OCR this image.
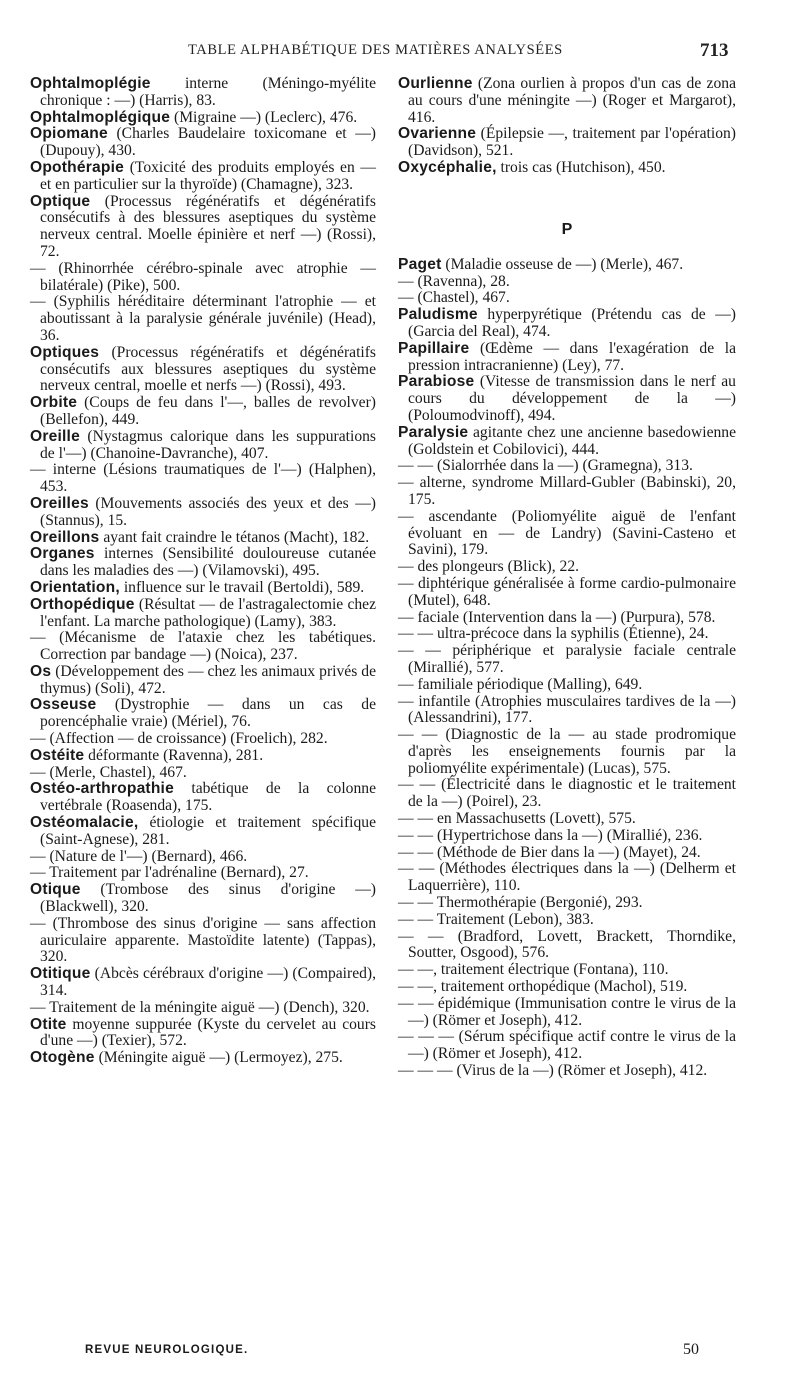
TABLE ALPHABÉTIQUE DES MATIÈRES ANALYSÉES	713

Ophtalmoplégie interne (Méningo-myélite chronique : —) (Harris), 83.

Ophtalmoplégique (Migraine —) (Leclerc), 476.

Opiomane (Charles Baudelaire toxicomane et —) (Dupouy), 430.

Opothérapie (Toxicité des produits employés en — et en particulier sur la thyroïde) (Chamagne), 323.

Optique (Processus régénératifs et dégénératifs consécutifs à des blessures aseptiques du système nerveux central. Moelle épinière et nerf —) (Rossi), 72.

— (Rhinorrhée cérébro-spinale avec atrophie — bilatérale) (Pike), 500.

— (Syphilis héréditaire déterminant l'atrophie — et aboutissant à la paralysie générale juvénile) (Head), 36.

Optiques (Processus régénératifs et dégénératifs consécutifs aux blessures aseptiques du système nerveux central, moelle et nerfs —) (Rossi), 493.

Orbite (Coups de feu dans l'—, balles de revolver) (Bellefon), 449.

Oreille (Nystagmus calorique dans les suppurations de l'—) (Chanoine-Davranche), 407.

— interne (Lésions traumatiques de l'—) (Halphen), 453.

Oreilles (Mouvements associés des yeux et des —) (Stannus), 15.

Oreillons ayant fait craindre le tétanos (Macht), 182.

Organes internes (Sensibilité douloureuse cutanée dans les maladies des —) (Vilamovski), 495.

Orientation, influence sur le travail (Bertoldi), 589.

Orthopédique (Résultat — de l'astragalectomie chez l'enfant. La marche pathologique) (Lamy), 383.

— (Mécanisme de l'ataxie chez les tabétiques. Correction par bandage —) (Noica), 237.

Os (Développement des — chez les animaux privés de thymus) (Soli), 472.

Osseuse (Dystrophie — dans un cas de porencéphalie vraie) (Mériel), 76.

— (Affection — de croissance) (Froelich), 282.

Ostéite déformante (Ravenna), 281.

— (Merle, Chastel), 467.

Ostéo-arthropathie tabétique de la colonne vertébrale (Roasenda), 175.

Ostéomalacie, étiologie et traitement spécifique (Saint-Agnese), 281.

— (Nature de l'—) (Bernard), 466.

— Traitement par l'adrénaline (Bernard), 27.

Otique (Trombose des sinus d'origine —) (Blackwell), 320.

— (Thrombose des sinus d'origine — sans affection auriculaire apparente. Mastoïdite latente) (Tappas), 320.

Otitique (Abcès cérébraux d'origine —) (Compaired), 314.

— Traitement de la méningite aiguë —) (Dench), 320.

Otite moyenne suppurée (Kyste du cervelet au cours d'une —) (Texier), 572.

Otogène (Méningite aiguë —) (Lermoyez), 275.

Ourlienne (Zona ourlien à propos d'un cas de zona au cours d'une méningite —) (Roger et Margarot), 416.

Ovarienne (Épilepsie —, traitement par l'opération) (Davidson), 521.

Oxycéphalie, trois cas (Hutchison), 450.

P

Paget (Maladie osseuse de —) (Merle), 467.

— (Ravenna), 28.

— (Chastel), 467.

Paludisme hyperpyrétique (Prétendu cas de —) (Garcia del Real), 474.

Papillaire (Œdème — dans l'exagération de la pression intracranienne) (Ley), 77.

Parabiose (Vitesse de transmission dans le nerf au cours du développement de la —) (Poloumodvinoff), 494.

Paralysie agitante chez une ancienne basedowienne (Goldstein et Cobilovici), 444.

— — (Sialorrhée dans la —) (Gramegna), 313.

— alterne, syndrome Millard-Gubler (Babinski), 20, 175.

— ascendante (Poliomyélite aiguë de l'enfant évoluant en — de Landry) (Savini-Castено et Savini), 179.

— des plongeurs (Blick), 22.

— diphtérique généralisée à forme cardio-pulmonaire (Mutel), 648.

— faciale (Intervention dans la —) (Purpura), 578.

— — ultra-précoce dans la syphilis (Étienne), 24.

— — périphérique et paralysie faciale centrale (Mirallié), 577.

— familiale périodique (Malling), 649.

— infantile (Atrophies musculaires tardives de la —) (Alessandrini), 177.

— — (Diagnostic de la — au stade prodromique d'après les enseignements fournis par la poliomyélite expérimentale) (Lucas), 575.

— — (Électricité dans le diagnostic et le traitement de la —) (Poirel), 23.

— — en Massachusetts (Lovett), 575.

— — (Hypertrichose dans la —) (Mirallié), 236.

— — (Méthode de Bier dans la —) (Mayet), 24.

— — (Méthodes électriques dans la —) (Delherm et Laquerrière), 110.

— — Thermothérapie (Bergonié), 293.

— — Traitement (Lebon), 383.

— — (Bradford, Lovett, Brackett, Thorndike, Soutter, Osgood), 576.

— —, traitement électrique (Fontana), 110.

— —, traitement orthopédique (Machol), 519.

— — épidémique (Immunisation contre le virus de la —) (Römer et Joseph), 412.

— — — (Sérum spécifique actif contre le virus de la —) (Römer et Joseph), 412.

— — — (Virus de la —) (Römer et Joseph), 412.

REVUE NEUROLOGIQUE.	50
